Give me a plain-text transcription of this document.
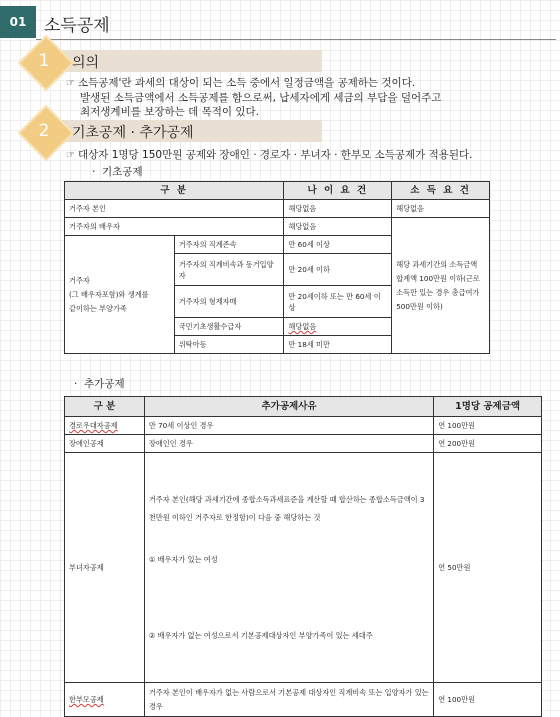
01	소득공제
1	의의
☞ 소득공제'란 과세의 대상이 되는 소득 중에서 일정금액을 공제하는 것이다.
발생된 소득금액에서 소득공제를 함으로써, 납세자에게 세금의 부담을 덜어주고
최저생계비를 보장하는 데 목적이 있다.
2	기초공제 · 추가공제
☞ 대상자 1명당 150만원 공제와 장애인 · 경로자 · 부녀자 · 한부모 소득공제가 적용된다.
·  기초공제
구 분		나 이 요 건	소 득 요 건
거주자 본인		해당없음	해당없음
거주자의 배우자		해당없음	해당 과세기간의 소득금액 합계액 100만원 이하(근로소득만 있는 경우 총급여가 500만원 이하)

거주자
(그 배우자포함)와 생계를
같이하는 부양가족	거주자의 직계존속	만 60세 이상	
	거주자의 직계비속과 동거입양자	만 20세 이하	
	거주자의 형제자매	만 20세이하 또는 만 60세 이상	
	국민기초생활수급자	해당없음	
	위탁아동	만 18세 미만	
·  추가공제
구 분	추가공제사유	1명당 공제금액
경로우대자공제	만 70세 이상인 경우	연 100만원
장애인공제	장애인인 경우	연 200만원
부녀자공제	거주자 본인(해당 과세기간에 종합소득과세표준을 계산할 때 합산하는 종합소득금액이 3천만원 이하인 거주자로 한정함)이 다음 중 해당하는 것
① 배우자가 있는 여성
② 배우자가 없는 여성으로서 기본공제대상자인 부양가족이 있는 세대주	연 50만원
한부모공제	거주자 본인이 배우자가 없는 사람으로서 기본공제 대상자인 직계비속 또는 입양자가 있는 경우	연 100만원
